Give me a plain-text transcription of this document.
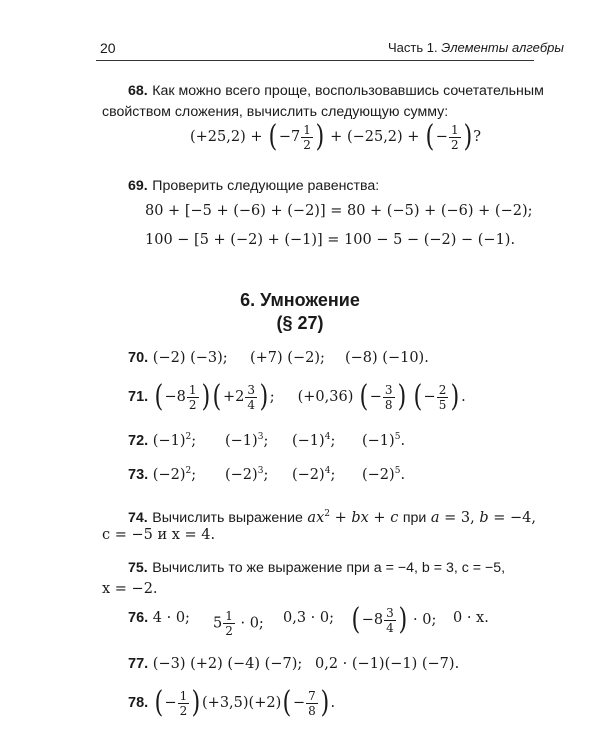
20	Часть 1. Элементы алгебры
68. Как можно всего проще, воспользовавшись сочетательным
свойством сложения, вычислить следующую сумму:
$(+25,2) + (-7 \frac{1}{2}$ ) + (−25,2) + (− $\frac{1}{2}$ )?
69. Проверить следующие равенства:
80 + [−5 + (−6) + (−2)] = 80 + (−5) + (−6) + (−2);
100 − [5 + (−2) + (−1)] = 100 − 5 − (−2) − (−1).
6. Умножение
(§ 27)
70. (−2) (−3); (+7) (−2); (−8) (−10).
71. $(-8 \frac{1}{2} )(+2 \frac{3}{4}$ );     (+0,36) (− $\frac{3}{8}$ ) (− $\frac{2}{5}$ ).
72. $(-1)^2$; $(-1)^3$; $(-1)^4$; $(-1)^5$.
73. $(-2)^2$; $(-2)^3$; $(-2)^4$; $(-2)^5$.
74. Вычислить выражение $ax^2$ + bx + c при a = 3, b = −4,
c = −5 и x = 4.
75. Вычислить то же выражение при a = −4, b = 3, c = −5,
x = −2.
76. 4 · 0; $5 \frac{1}{2} \cdot 0$; 0,3 · 0; ($-8 \frac{3}{4}$ ) · 0; 0 · x.
77. (−3) (+2) (−4) (−7); 0,2 · (−1)(−1) (−7).
78. (− $\frac{1}{2} )(+3,5)(+2)(- \frac{7}{8}$ ).
